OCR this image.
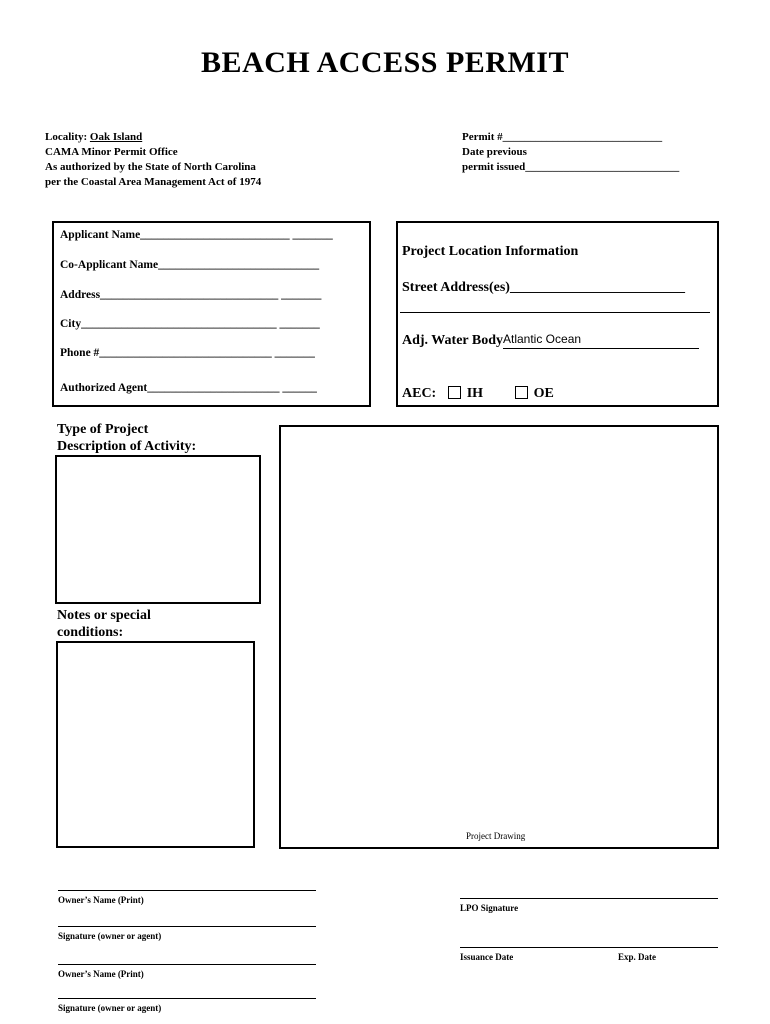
BEACH ACCESS PERMIT
Locality: Oak Island
CAMA Minor Permit Office
As authorized by the State of North Carolina
per the Coastal Area Management Act of 1974
Permit #_____________________________
Date previous
permit issued____________________________
Applicant Name__________________________ _______
Co-Applicant Name____________________________
Address_______________________________ _______
City__________________________________ _______
Phone #______________________________ _______
Authorized Agent_______________________ ______
Project Location Information
Street Address(es)_________________________
Adj. Water BodyAtlantic Ocean
AEC: IH	OE
Type of Project
Description of Activity:
Notes or special
conditions:
Project Drawing
Owner’s Name (Print)
Signature (owner or agent)
Owner’s Name (Print)
Signature (owner or agent)
LPO Signature
Issuance Date	Exp. Date
